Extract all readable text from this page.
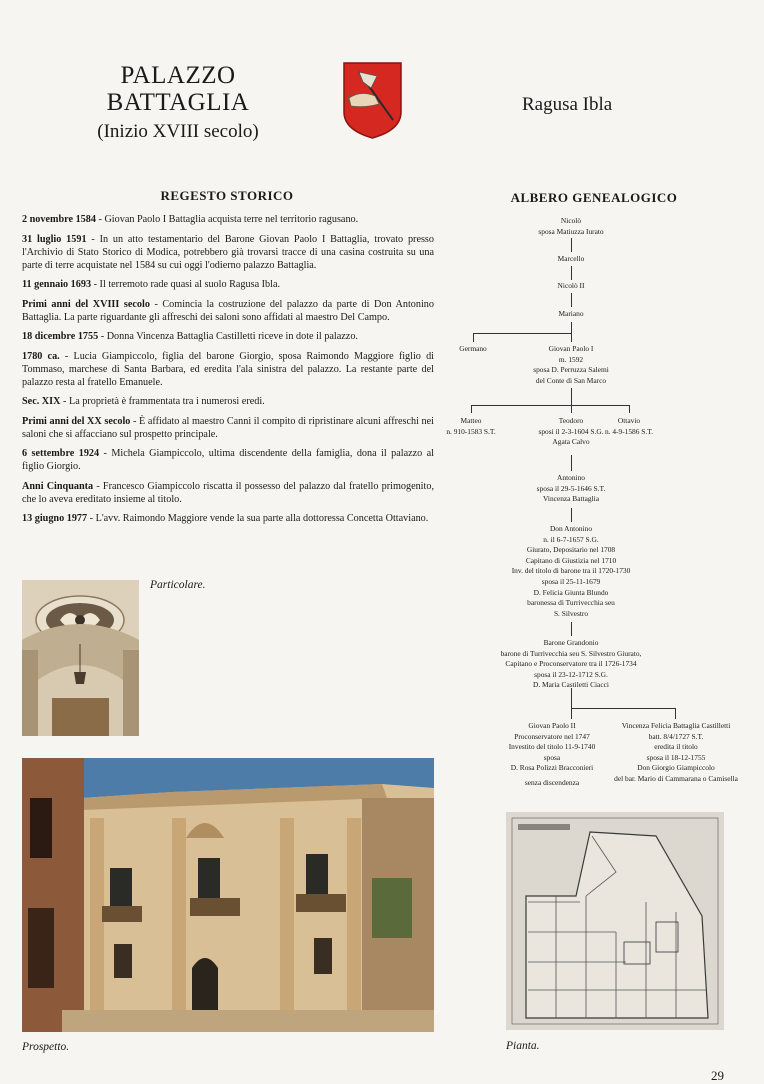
PALAZZO
BATTAGLIA
(Inizio XVIII secolo)
Ragusa Ibla
REGESTO STORICO

2 novembre 1584 - Giovan Paolo I Battaglia acquista terre nel territorio ragusano.

31 luglio 1591 - In un atto testamentario del Barone Giovan Paolo I Battaglia, trovato presso l'Archivio di Stato Storico di Modica, potrebbero già trovarsi tracce di una casina costruita su una parte di terre acquistate nel 1584 su cui oggi l'odierno palazzo Battaglia.

11 gennaio 1693 - Il terremoto rade quasi al suolo Ragusa Ibla.

Primi anni del XVIII secolo - Comincia la costruzione del palazzo da parte di Don Antonino Battaglia. La parte riguardante gli affreschi dei saloni sono affidati al maestro Del Campo.

18 dicembre 1755 - Donna Vincenza Battaglia Castilletti riceve in dote il palazzo.

1780 ca. - Lucia Giampiccolo, figlia del barone Giorgio, sposa Raimondo Maggiore figlio di Tommaso, marchese di Santa Barbara, ed eredita l'ala sinistra del palazzo. La restante parte del palazzo resta al fratello Emanuele.

Sec. XIX - La proprietà è frammentata tra i numerosi eredi.

Primi anni del XX secolo - È affidato al maestro Cannì il compito di ripristinare alcuni affreschi nei saloni che si affacciano sul prospetto principale.

6 settembre 1924 - Michela Giampiccolo, ultima discendente della famiglia, dona il palazzo al figlio Giorgio.

Anni Cinquanta - Francesco Giampiccolo riscatta il possesso del palazzo dal fratello primogenito, che lo aveva ereditato insieme al titolo.

13 giugno 1977 - L'avv. Raimondo Maggiore vende la sua parte alla dottoressa Concetta Ottaviano.

ALBERO GENEALOGICO
Nicolò
sposa Matiuzza Iurato
Marcello
Nicolò II
Mariano
Germano	Giovan Paolo I
m. 1592
sposa D. Perruzza Salemi
del Conte di San Marco
Matteo
n. 910-1583 S.T.
Teodoro
sposi il 2-3-1604 S.G.
Agata Calvo
Ottavio
n. 4-9-1586 S.T.
Antonino
sposa il 29-5-1646 S.T.
Vincenza Battaglia
Don Antonino
n. il 6-7-1657 S.G.
Giurato, Depositario nel 1708
Capitano di Giustizia nel 1710
Inv. del titolo di barone tra il 1720-1730
sposa il 25-11-1679
D. Felicia Giunta Blundo
baronessa di Turrivecchia seu
S. Silvestro
Barone Grandonio
barone di Turrivecchia seu S. Silvestro Giurato,
Capitano e Proconservatore tra il 1726-1734
sposa il 23-12-1712 S.G.
D. Maria Castiletti Ciacci
Giovan Paolo II
Proconservatore nel 1747
Investito del titolo 11-9-1740
sposa
D. Rosa Polizzi Bracconieri
senza discendenza
Vincenza Felicia Battaglia Castilletti
batt. 8/4/1727 S.T.
eredita il titolo
sposa il 18-12-1755
Don Giorgio Giampiccolo
del bar. Mario di Cammarana o Camisella
Particolare.
Prospetto.	Pianta.
29
